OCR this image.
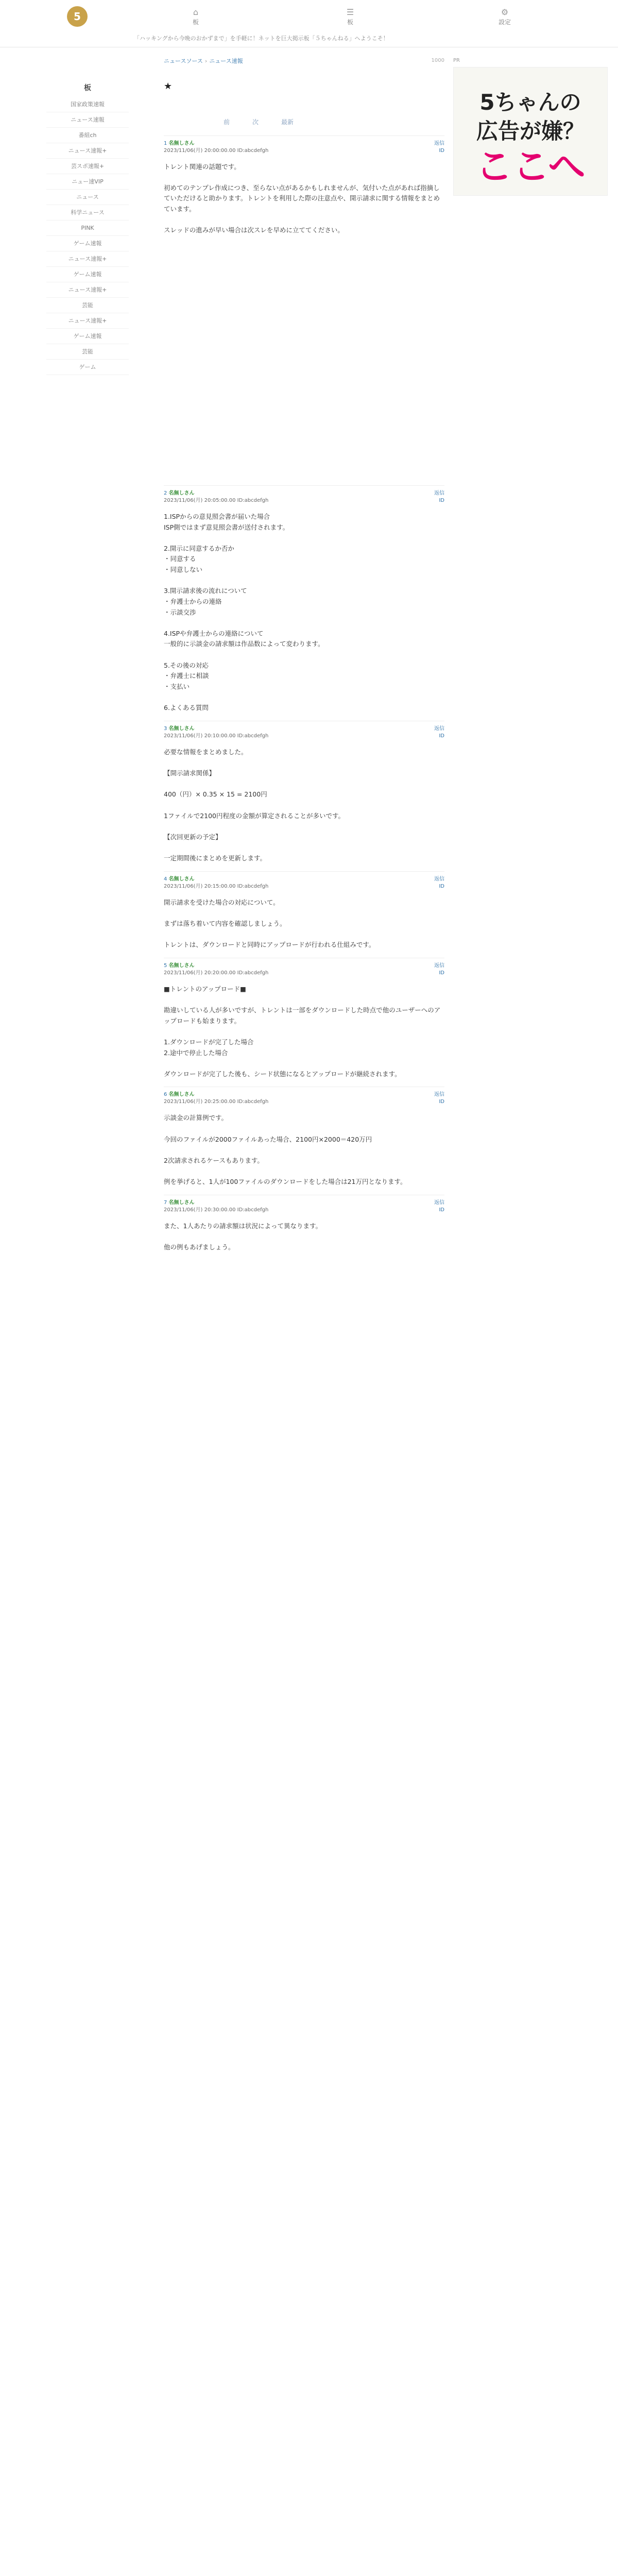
5	⌂
板
☰
板
⚙
設定
「ハッキングから今晩のおかずまで」を手軽に！ネットを巨大掲示板「５ちゃんねる」へようこそ！
板
国家政策速報
ニュース速報
番組ch
ニュース速報+
芸スポ速報+
ニュー速VIP
ニュース
科学ニュース
PINK
ゲーム速報
ニュース速報+
ゲーム速報
ニュース速報+
芸能
ニュース速報+
ゲーム速報
芸能
ゲーム
ニュースソース › ニュース速報	1000
★
前	次	最新
1 名無しさん
2023/11/06(月) 20:00:00.00 ID:abcdefgh
返信
ID
トレント関連の話題です。

初めてのテンプレ作成につき、至らない点があるかもしれませんが、気付いた点があれば指摘していただけると助かります。トレントを利用した際の注意点や、開示請求に関する情報をまとめています。

スレッドの進みが早い場合は次スレを早めに立ててください。
2 名無しさん
2023/11/06(月) 20:05:00.00 ID:abcdefgh
返信
ID
1.ISPからの意見照会書が届いた場合
ISP側ではまず意見照会書が送付されます。

2.開示に同意するか否か
・同意する
・同意しない

3.開示請求後の流れについて
・弁護士からの連絡
・示談交渉

4.ISPや弁護士からの連絡について
一般的に示談金の請求額は作品数によって変わります。

5.その後の対応
・弁護士に相談
・支払い

6.よくある質問
3 名無しさん
2023/11/06(月) 20:10:00.00 ID:abcdefgh
返信
ID
必要な情報をまとめました。

【開示請求関係】

400（円）× 0.35 × 15 = 2100円

1ファイルで2100円程度の金額が算定されることが多いです。

【次回更新の予定】

一定期間後にまとめを更新します。
4 名無しさん
2023/11/06(月) 20:15:00.00 ID:abcdefgh
返信
ID
開示請求を受けた場合の対応について。

まずは落ち着いて内容を確認しましょう。

トレントは、ダウンロードと同時にアップロードが行われる仕組みです。
5 名無しさん
2023/11/06(月) 20:20:00.00 ID:abcdefgh
返信
ID
■トレントのアップロード■

勘違いしている人が多いですが、トレントは一部をダウンロードした時点で他のユーザーへのアップロードも始まります。

1.ダウンロードが完了した場合
2.途中で停止した場合

ダウンロードが完了した後も、シード状態になるとアップロードが継続されます。
6 名無しさん
2023/11/06(月) 20:25:00.00 ID:abcdefgh
返信
ID
示談金の計算例です。

今回のファイルが2000ファイルあった場合、2100円×2000＝420万円

2次請求されるケースもあります。

例を挙げると、1人が100ファイルのダウンロードをした場合は21万円となります。
7 名無しさん
2023/11/06(月) 20:30:00.00 ID:abcdefgh
返信
ID
また、1人あたりの請求額は状況によって異なります。

他の例もあげましょう。
PR
5ちゃんの
広告が嫌？
ここへ
